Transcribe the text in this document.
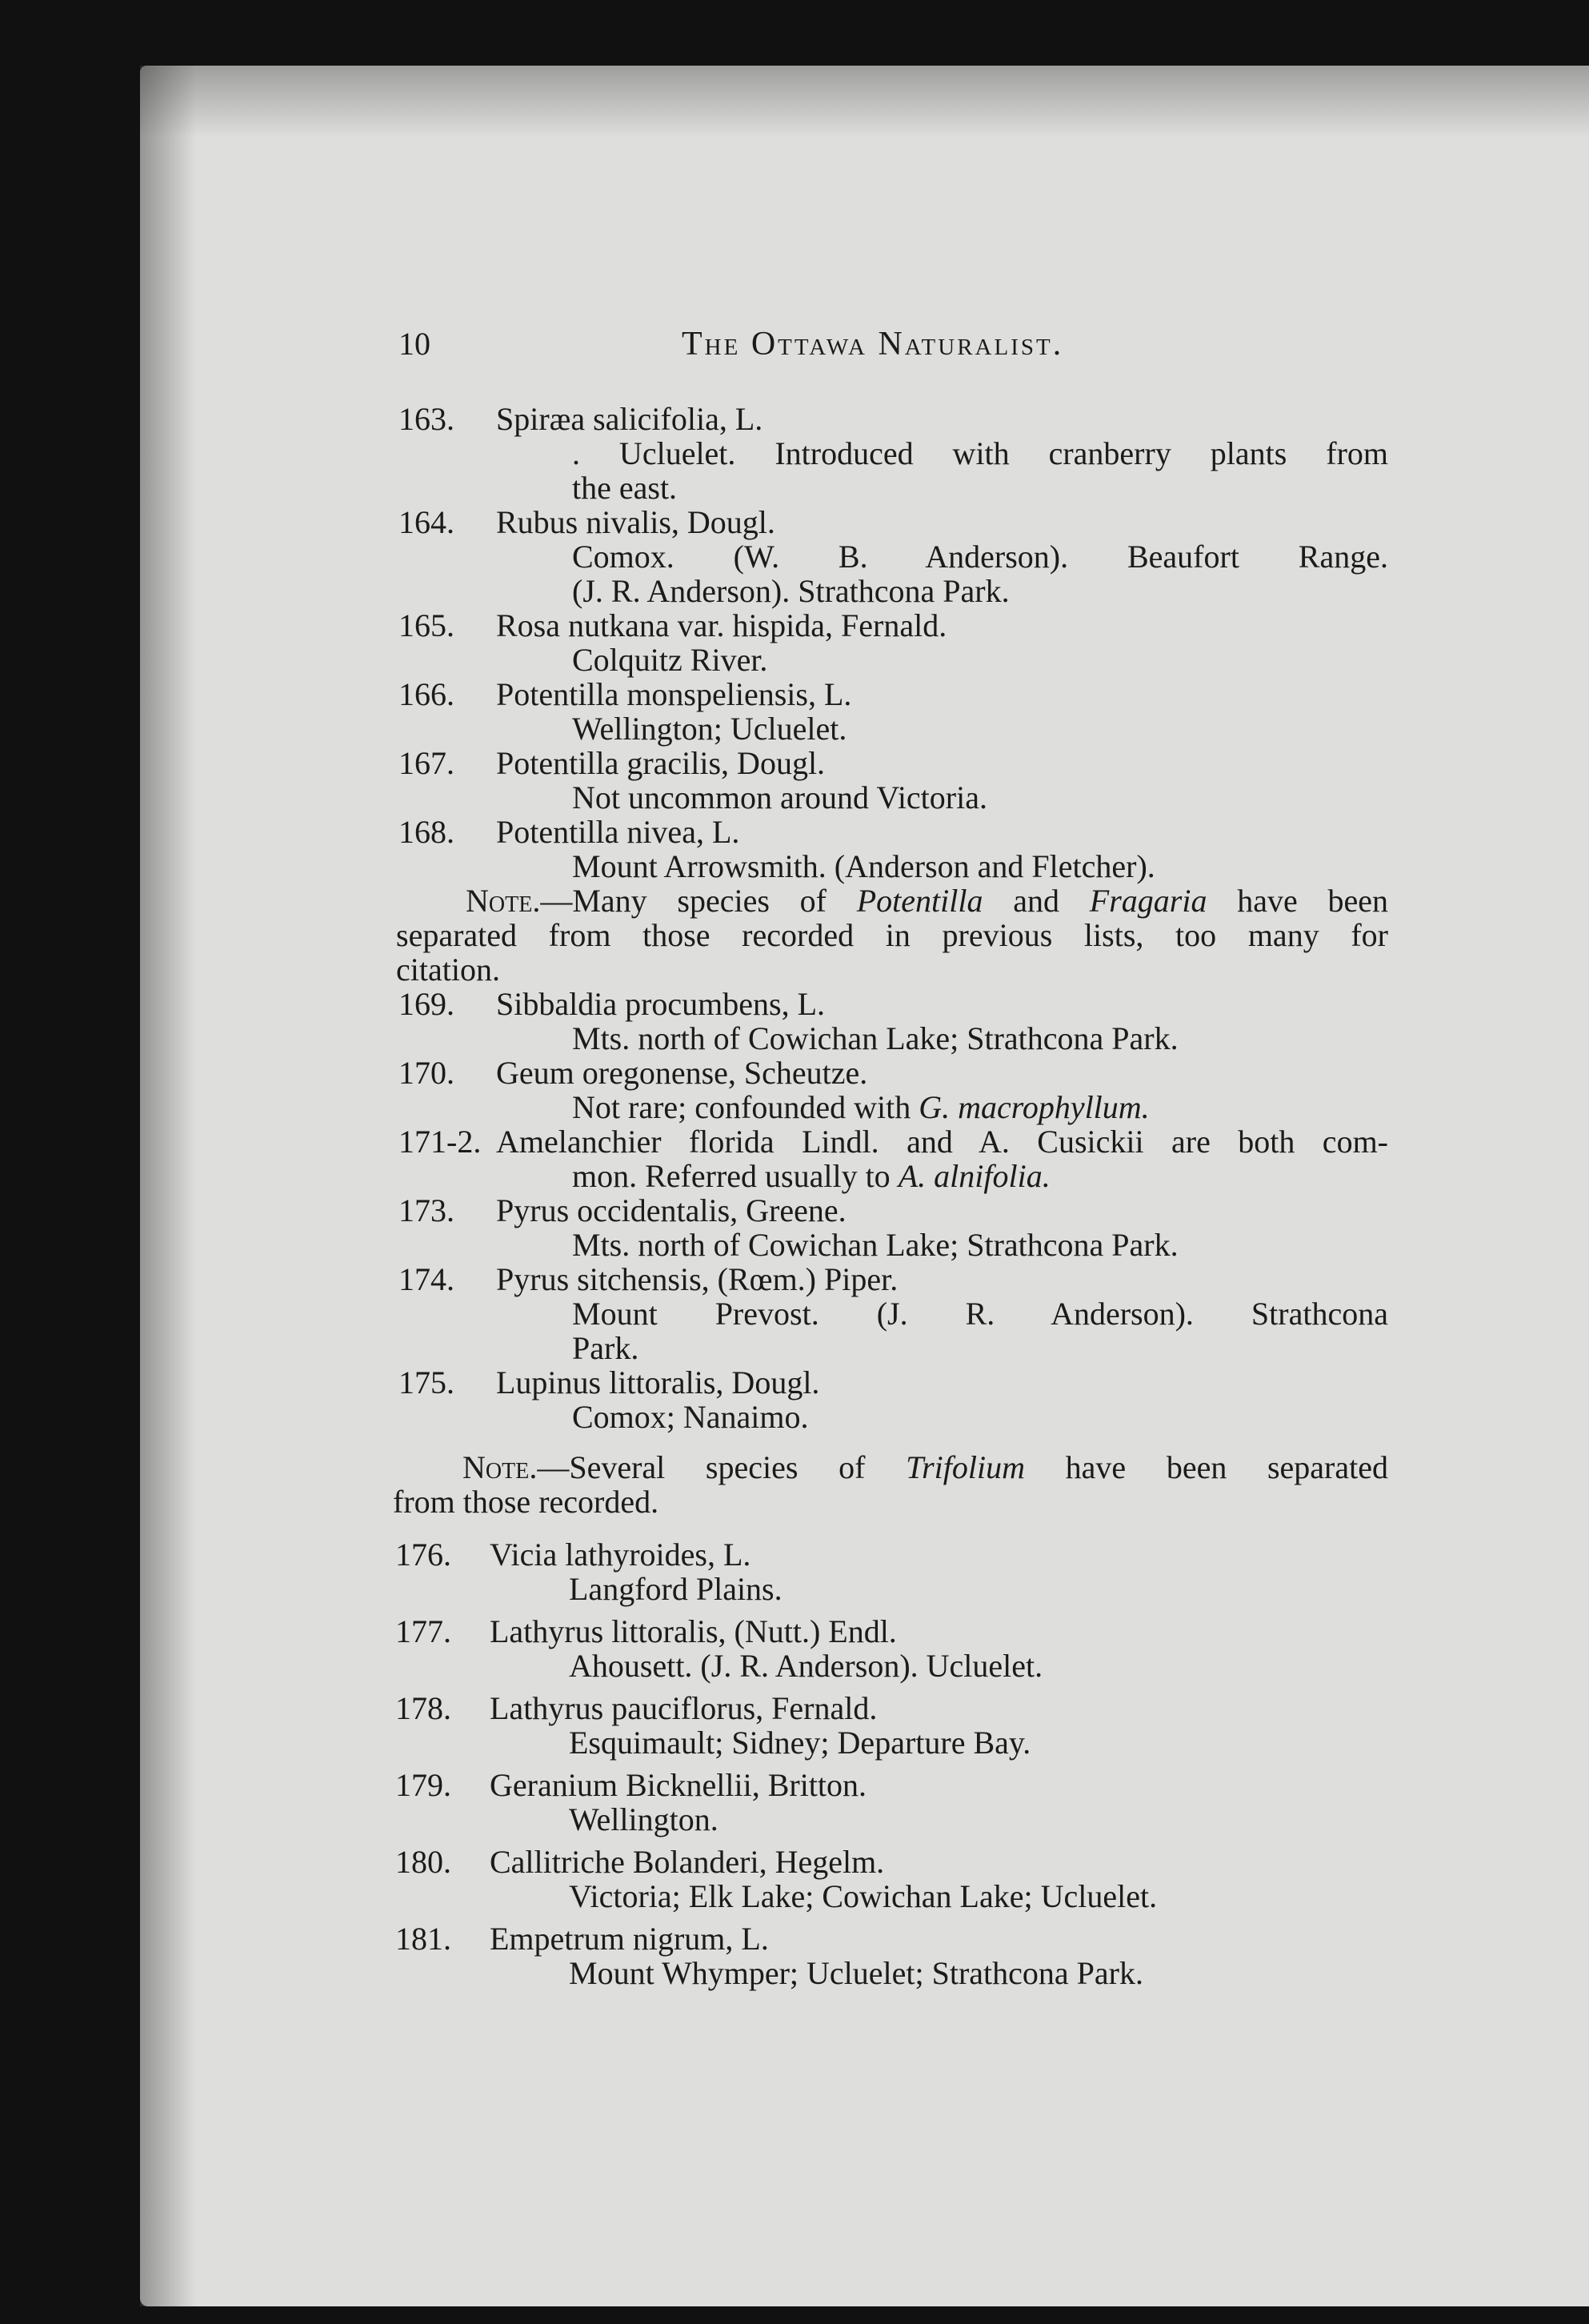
10	The Ottawa Naturalist.
163.	Spiræa salicifolia, L.
. Ucluelet. Introduced with cranberry plants from
the east.
164.	Rubus nivalis, Dougl.
Comox. (W. B. Anderson). Beaufort Range.
(J. R. Anderson). Strathcona Park.
165.	Rosa nutkana var. hispida, Fernald.
Colquitz River.
166.	Potentilla monspeliensis, L.
Wellington; Ucluelet.
167.	Potentilla gracilis, Dougl.
Not uncommon around Victoria.
168.	Potentilla nivea, L.
Mount Arrowsmith. (Anderson and Fletcher).
Note.—Many species of Potentilla and Fragaria have been
separated from those recorded in previous lists, too many for
citation.
169.	Sibbaldia procumbens, L.
Mts. north of Cowichan Lake; Strathcona Park.
170.	Geum oregonense, Scheutze.
Not rare; confounded with G. macrophyllum.
171-2. Amelanchier florida Lindl. and A. Cusickii are both com-
mon. Referred usually to A. alnifolia.
173.	Pyrus occidentalis, Greene.
Mts. north of Cowichan Lake; Strathcona Park.
174.	Pyrus sitchensis, (Rœm.) Piper.
Mount Prevost. (J. R. Anderson). Strathcona
Park.
175.	Lupinus littoralis, Dougl.
Comox; Nanaimo.
Note.—Several species of Trifolium have been separated
from those recorded.
176.	Vicia lathyroides, L.
Langford Plains.
177.	Lathyrus littoralis, (Nutt.) Endl.
Ahousett. (J. R. Anderson). Ucluelet.
178.	Lathyrus pauciflorus, Fernald.
Esquimault; Sidney; Departure Bay.
179.	Geranium Bicknellii, Britton.
Wellington.
180.	Callitriche Bolanderi, Hegelm.
Victoria; Elk Lake; Cowichan Lake; Ucluelet.
181.	Empetrum nigrum, L.
Mount Whymper; Ucluelet; Strathcona Park.
